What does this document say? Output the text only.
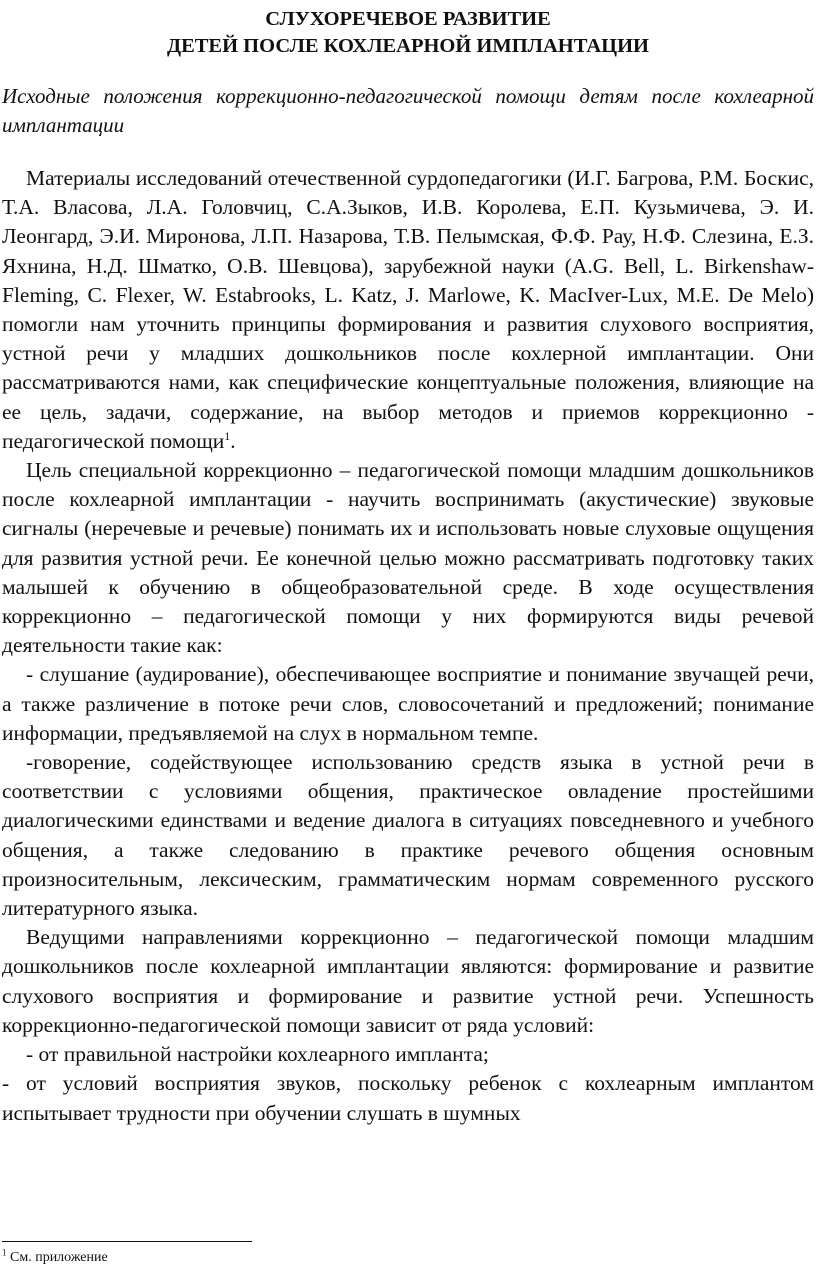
СЛУХОРЕЧЕВОЕ РАЗВИТИЕ
ДЕТЕЙ ПОСЛЕ КОХЛЕАРНОЙ ИМПЛАНТАЦИИ

Исходные положения коррекционно-педагогической помощи детям после кохлеарной имплантации

Материалы исследований отечественной сурдопедагогики (И.Г. Багрова, Р.М. Боскис, Т.А. Власова, Л.А. Головчиц, С.А.Зыков, И.В. Королева, Е.П. Кузьмичева, Э. И. Леонгард, Э.И. Миронова, Л.П. Назарова, Т.В. Пелымская, Ф.Ф. Рау, Н.Ф. Слезина, Е.З. Яхнина, Н.Д. Шматко, О.В. Шевцова), зарубежной науки (A.G. Bell, L. Birkenshaw-Fleming, C. Flexer, W. Estabrooks, L. Katz, J. Marlowe, K. MacIver-Lux, M.E. De Melo) помогли нам уточнить принципы формирования и развития слухового восприятия, устной речи у младших дошкольников после кохлерной имплантации. Они рассматриваются нами, как специфические концептуальные положения, влияющие на ее цель, задачи, содержание, на выбор методов и приемов коррекционно - педагогической помощи$^1$.

Цель специальной коррекционно – педагогической помощи младшим дошкольников после кохлеарной имплантации - научить воспринимать (акустические) звуковые сигналы (неречевые и речевые) понимать их и использовать новые слуховые ощущения для развития устной речи. Ее конечной целью можно рассматривать подготовку таких малышей к обучению в общеобразовательной среде. В ходе осуществления коррекционно – педагогической помощи у них формируются виды речевой деятельности такие как:

- слушание (аудирование), обеспечивающее восприятие и понимание звучащей речи, а также различение в потоке речи слов, словосочетаний и предложений; понимание информации, предъявляемой на слух в нормальном темпе.

-говорение, содействующее использованию средств языка в устной речи в соответствии с условиями общения, практическое овладение простейшими диалогическими единствами и ведение диалога в ситуациях повседневного и учебного общения, а также следованию в практике речевого общения основным произносительным, лексическим, грамматическим нормам современного русского литературного языка.

Ведущими направлениями коррекционно – педагогической помощи младшим дошкольников после кохлеарной имплантации являются: формирование и развитие слухового восприятия и формирование и развитие устной речи. Успешность коррекционно-педагогической помощи зависит от ряда условий:

- от правильной настройки кохлеарного импланта;

- от условий восприятия звуков, поскольку ребенок с кохлеарным имплантом испытывает трудности при обучении слушать в шумных

$^1$ См. приложение
